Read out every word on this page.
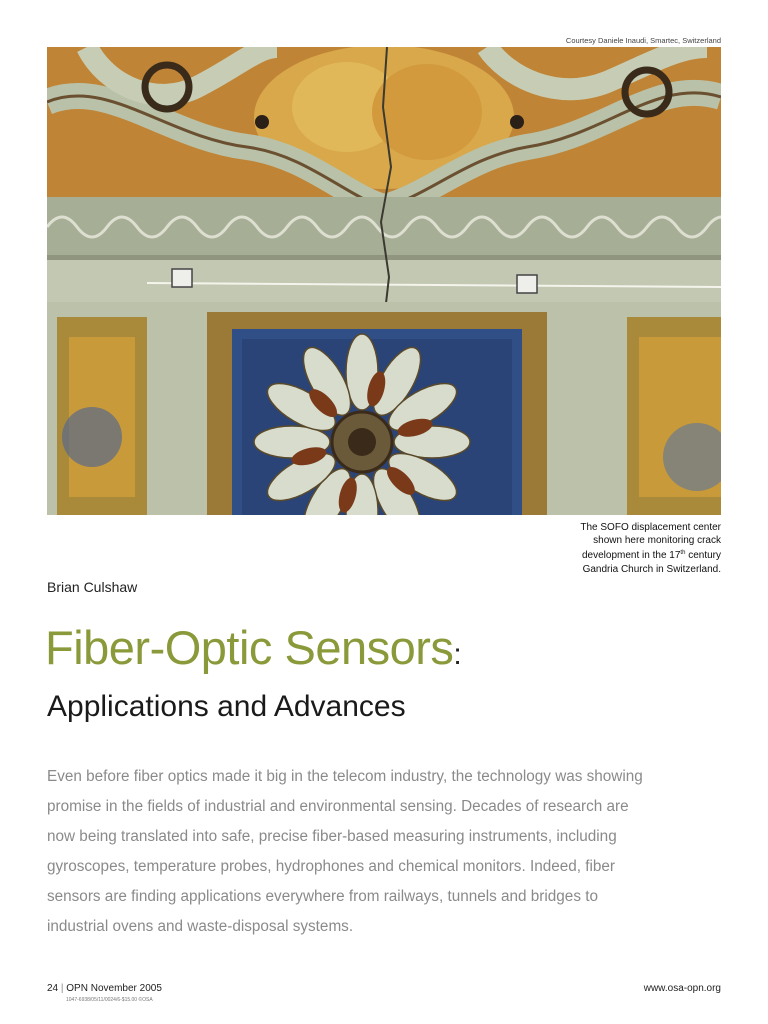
Courtesy Daniele Inaudi, Smartec, Switzerland
The SOFO displacement center
shown here monitoring crack
development in the 17th century
Gandria Church in Switzerland.
Brian Culshaw
Fiber-Optic Sensors:
Applications and Advances
Even before fiber optics made it big in the telecom industry, the technology was showing
promise in the fields of industrial and environmental sensing. Decades of research are
now being translated into safe, precise fiber-based measuring instruments, including
gyroscopes, temperature probes, hydrophones and chemical monitors. Indeed, fiber
sensors are finding applications everywhere from railways, tunnels and bridges to
industrial ovens and waste-disposal systems.
24 | OPN November 2005
1047-6938/05/11/0024/6-$15.00 ©OSA
www.osa-opn.org
